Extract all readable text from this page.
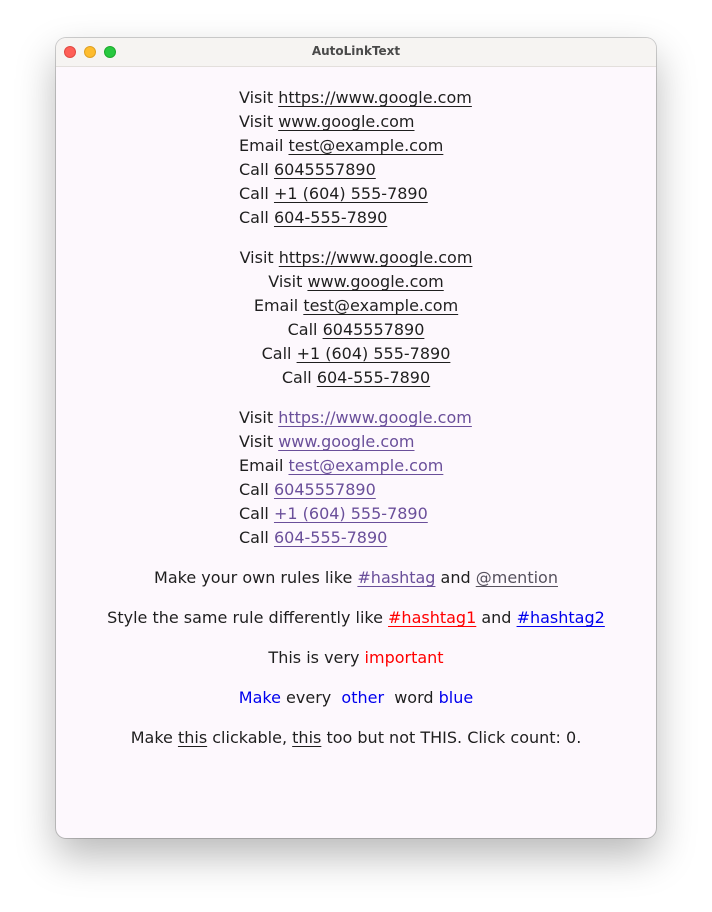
AutoLinkText
Visit https://www.google.com
Visit www.google.com
Email test@example.com
Call 6045557890
Call +1 (604) 555-7890
Call 604-555-7890
Visit https://www.google.com
Visit www.google.com
Email test@example.com
Call 6045557890
Call +1 (604) 555-7890
Call 604-555-7890
Visit https://www.google.com
Visit www.google.com
Email test@example.com
Call 6045557890
Call +1 (604) 555-7890
Call 604-555-7890
Make your own rules like #hashtag and @mention
Style the same rule differently like #hashtag1 and #hashtag2
This is very important
Make every other word blue
Make this clickable, this too but not THIS. Click count: 0.
